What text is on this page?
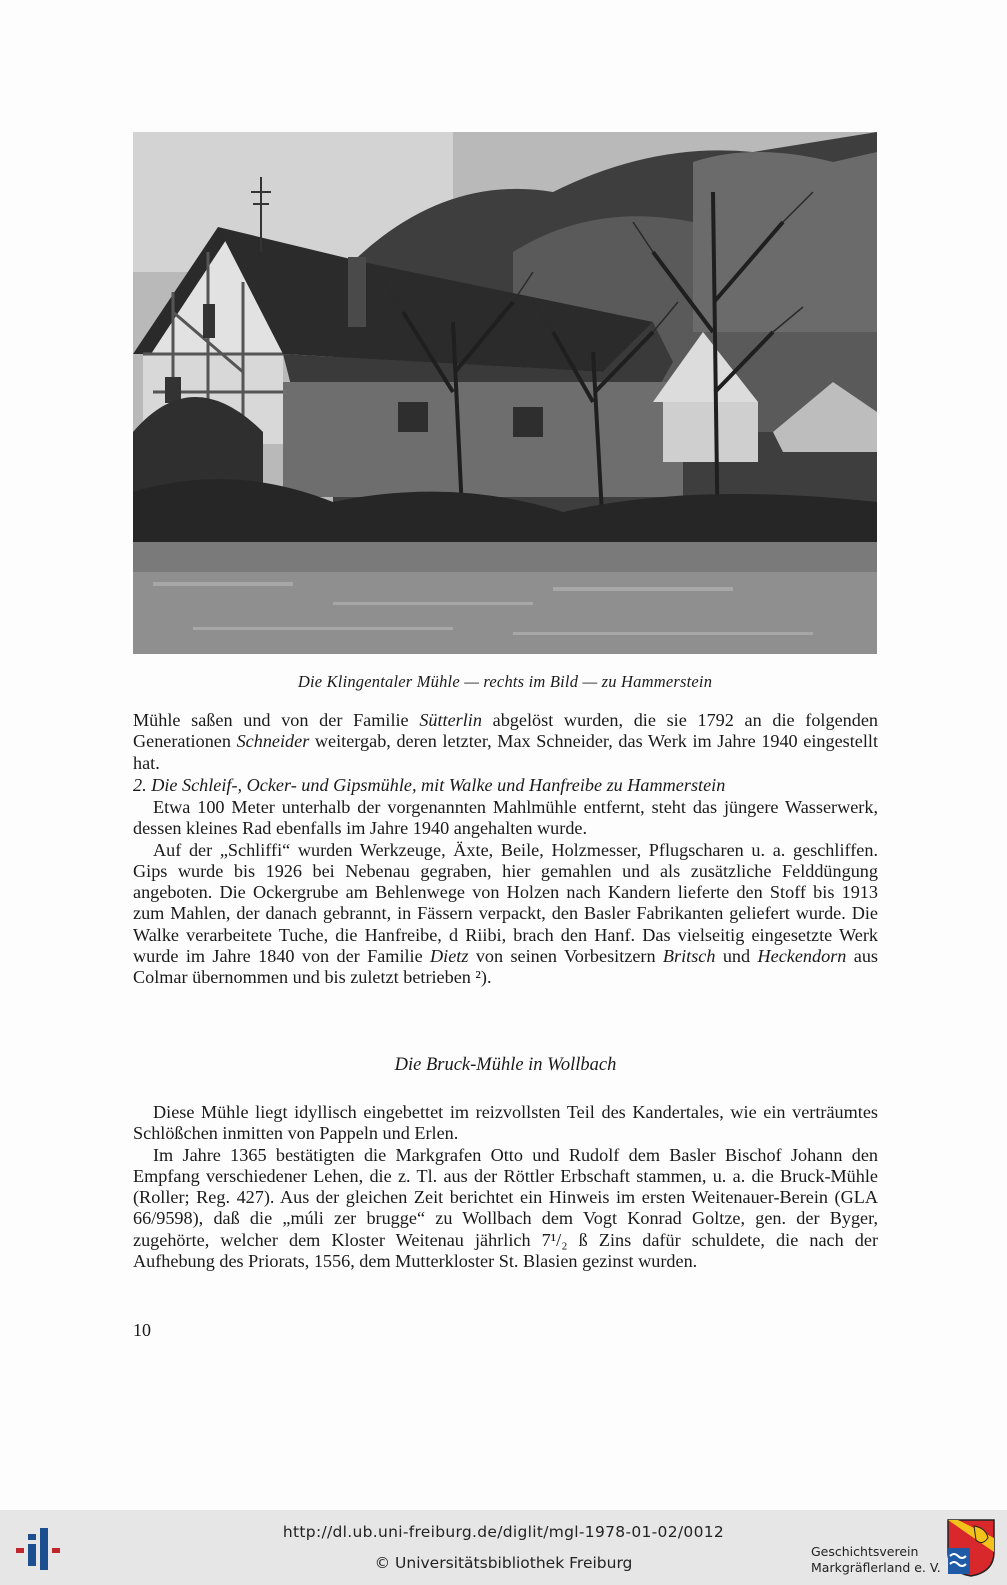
Die Klingentaler Mühle — rechts im Bild — zu Hammerstein

Mühle saßen und von der Familie Sütterlin abgelöst wurden, die sie 1792 an die folgenden Generationen Schneider weitergab, deren letzter, Max Schneider, das Werk im Jahre 1940 eingestellt hat.

2. Die Schleif-, Ocker- und Gipsmühle, mit Walke und Hanfreibe zu Hammerstein

Etwa 100 Meter unterhalb der vorgenannten Mahlmühle entfernt, steht das jüngere Wasserwerk, dessen kleines Rad ebenfalls im Jahre 1940 angehalten wurde.

Auf der „Schliffi“ wurden Werkzeuge, Äxte, Beile, Holzmesser, Pflugscharen u. a. geschliffen. Gips wurde bis 1926 bei Nebenau gegraben, hier gemahlen und als zusätzliche Felddüngung angeboten. Die Ockergrube am Behlenwege von Holzen nach Kandern lieferte den Stoff bis 1913 zum Mahlen, der danach gebrannt, in Fässern verpackt, den Basler Fabrikanten geliefert wurde. Die Walke verarbeitete Tuche, die Hanfreibe, d Riibi, brach den Hanf. Das vielseitig eingesetzte Werk wurde im Jahre 1840 von der Familie Dietz von seinen Vorbesitzern Britsch und Heckendorn aus Colmar übernommen und bis zuletzt betrieben ²).

Die Bruck-Mühle in Wollbach

Diese Mühle liegt idyllisch eingebettet im reizvollsten Teil des Kandertales, wie ein verträumtes Schlößchen inmitten von Pappeln und Erlen.

Im Jahre 1365 bestätigten die Markgrafen Otto und Rudolf dem Basler Bischof Johann den Empfang verschiedener Lehen, die z. Tl. aus der Röttler Erbschaft stammen, u. a. die Bruck-Mühle (Roller; Reg. 427). Aus der gleichen Zeit berichtet ein Hinweis im ersten Weitenauer-Berein (GLA 66/9598), daß die „múli zer brugge“ zu Wollbach dem Vogt Konrad Goltze, gen. der Byger, zugehörte, welcher dem Kloster Weitenau jährlich 7¹/₂ ß Zins dafür schuldete, die nach der Aufhebung des Priorats, 1556, dem Mutterkloster St. Blasien gezinst wurden.

10
http://dl.ub.uni-freiburg.de/diglit/mgl-1978-01-02/0012
© Universitätsbibliothek Freiburg
Geschichtsverein
Markgräflerland e. V.
